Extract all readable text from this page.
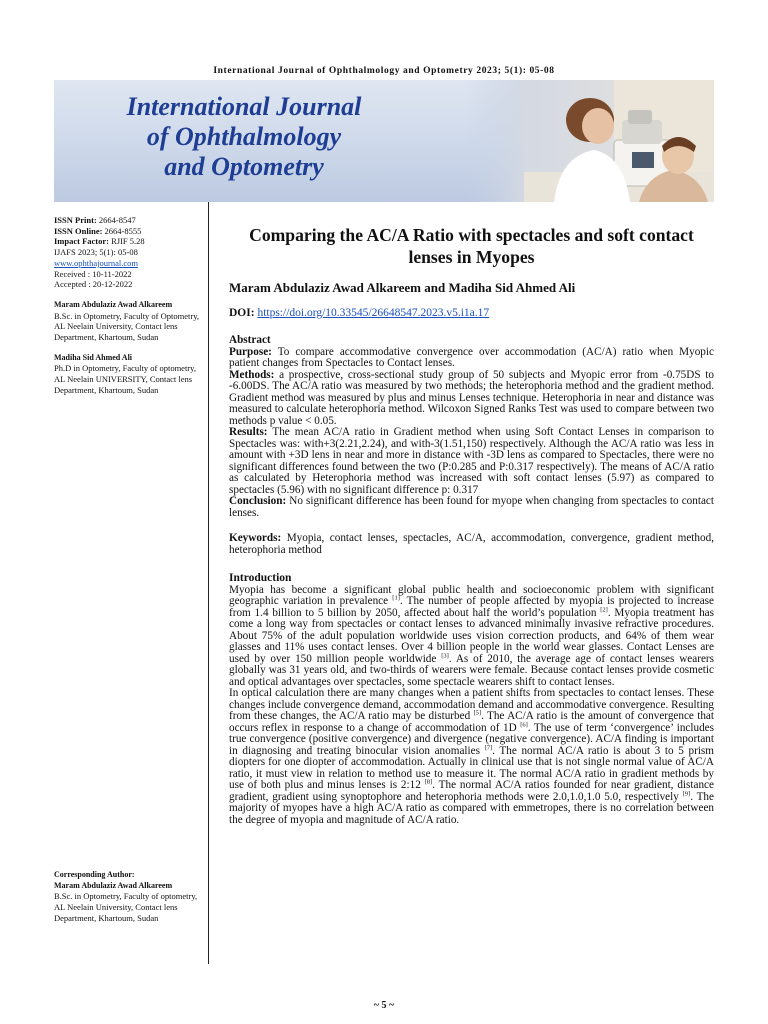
International Journal of Ophthalmology and Optometry 2023; 5(1): 05-08
International Journal
of Ophthalmology
and Optometry

ISSN Print: 2664-8547

ISSN Online: 2664-8555

Impact Factor: RJIF 5.28

IJAFS 2023; 5(1): 05-08

www.ophthajournal.com

Received : 10-11-2022

Accepted : 20-12-2022

Maram Abdulaziz Awad Alkareem

B.Sc. in Optometry, Faculty of Optometry, AL Neelain University, Contact lens Department, Khartoum, Sudan

Madiha Sid Ahmed Ali

Ph.D in Optometry, Faculty of optometry, AL Neelain UNIVERSITY, Contact lens Department, Khartoum, Sudan

Corresponding Author:

Maram Abdulaziz Awad Alkareem

B.Sc. in Optometry, Faculty of optometry, AL Neelain University, Contact lens Department, Khartoum, Sudan

Comparing the AC/A Ratio with spectacles and soft contact lenses in Myopes

Maram Abdulaziz Awad Alkareem and Madiha Sid Ahmed Ali

DOI: https://doi.org/10.33545/26648547.2023.v5.i1a.17

Abstract

Purpose: To compare accommodative convergence over accommodation (AC/A) ratio when Myopic patient changes from Spectacles to Contact lenses.

Methods: a prospective, cross-sectional study group of 50 subjects and Myopic error from -0.75DS to -6.00DS. The AC/A ratio was measured by two methods; the heterophoria method and the gradient method. Gradient method was measured by plus and minus Lenses technique. Heterophoria in near and distance was measured to calculate heterophoria method. Wilcoxon Signed Ranks Test was used to compare between two methods p value < 0.05.

Results: The mean AC/A ratio in Gradient method when using Soft Contact Lenses in comparison to Spectacles was: with+3(2.21,2.24), and with-3(1.51,150) respectively. Although the AC/A ratio was less in amount with +3D lens in near and more in distance with -3D lens as compared to Spectacles, there were no significant differences found between the two (P:0.285 and P:0.317 respectively). The means of AC/A ratio as calculated by Heterophoria method was increased with soft contact lenses (5.97) as compared to spectacles (5.96) with no significant difference p: 0.317

Conclusion: No significant difference has been found for myope when changing from spectacles to contact lenses.

Keywords: Myopia, contact lenses, spectacles, AC/A, accommodation, convergence, gradient method, heterophoria method

Introduction

Myopia has become a significant global public health and socioeconomic problem with significant geographic variation in prevalence [1]. The number of people affected by myopia is projected to increase from 1.4 billion to 5 billion by 2050, affected about half the world’s population [2]. Myopia treatment has come a long way from spectacles or contact lenses to advanced minimally invasive refractive procedures. About 75% of the adult population worldwide uses vision correction products, and 64% of them wear glasses and 11% uses contact lenses. Over 4 billion people in the world wear glasses. Contact Lenses are used by over 150 million people worldwide [3]. As of 2010, the average age of contact lenses wearers globally was 31 years old, and two-thirds of wearers were female. Because contact lenses provide cosmetic and optical advantages over spectacles, some spectacle wearers shift to contact lenses.

In optical calculation there are many changes when a patient shifts from spectacles to contact lenses. These changes include convergence demand, accommodation demand and accommodative convergence. Resulting from these changes, the AC/A ratio may be disturbed [5]. The AC/A ratio is the amount of convergence that occurs reflex in response to a change of accommodation of 1D [6]. The use of term ‘convergence’ includes true convergence (positive convergence) and divergence (negative convergence). AC/A finding is important in diagnosing and treating binocular vision anomalies [7]. The normal AC/A ratio is about 3 to 5 prism diopters for one diopter of accommodation. Actually in clinical use that is not single normal value of AC/A ratio, it must view in relation to method use to measure it. The normal AC/A ratio in gradient methods by use of both plus and minus lenses is 2:12 [8]. The normal AC/A ratios founded for near gradient, distance gradient, gradient using synoptophore and heterophoria methods were 2.0,1.0,1.0 5.0, respectively [9]. The majority of myopes have a high AC/A ratio as compared with emmetropes, there is no correlation between the degree of myopia and magnitude of AC/A ratio.

~ 5 ~
